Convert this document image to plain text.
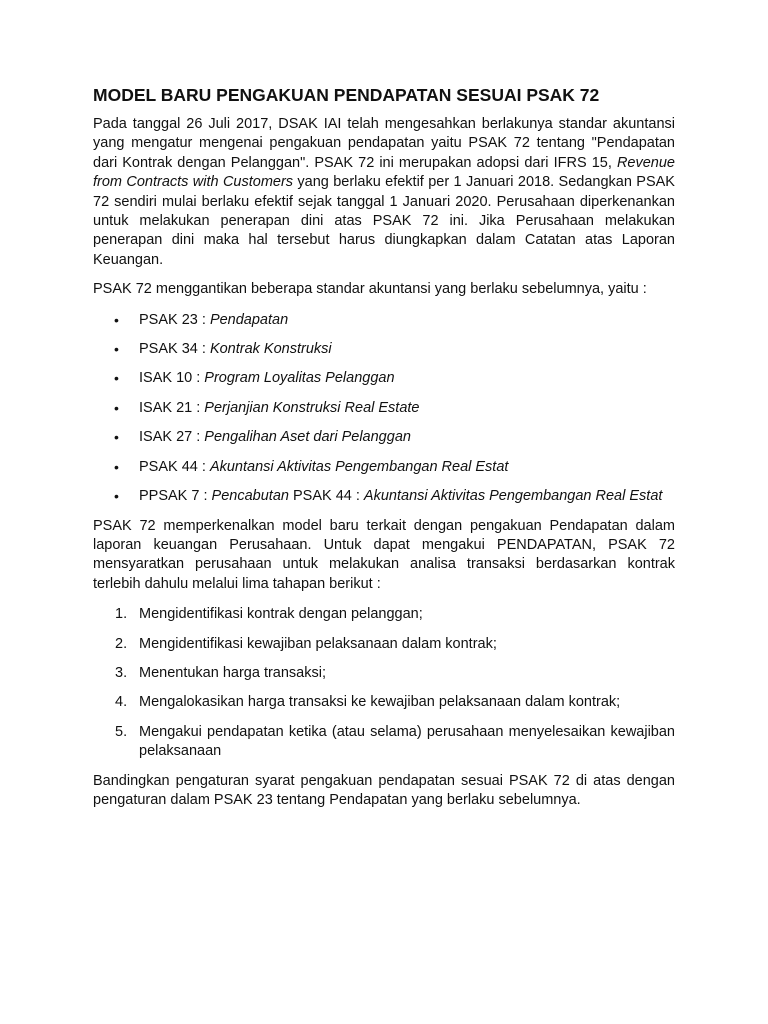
MODEL BARU PENGAKUAN PENDAPATAN SESUAI PSAK 72

Pada tanggal 26 Juli 2017, DSAK IAI telah mengesahkan berlakunya standar akuntansi yang mengatur mengenai pengakuan pendapatan yaitu PSAK 72 tentang "Pendapatan dari Kontrak dengan Pelanggan". PSAK 72 ini merupakan adopsi dari IFRS 15, Revenue from Contracts with Customers yang berlaku efektif per 1 Januari 2018. Sedangkan PSAK 72 sendiri mulai berlaku efektif sejak tanggal 1 Januari 2020. Perusahaan diperkenankan untuk melakukan penerapan dini atas PSAK 72 ini. Jika Perusahaan melakukan penerapan dini maka hal tersebut harus diungkapkan dalam Catatan atas Laporan Keuangan.

PSAK 72 menggantikan beberapa standar akuntansi yang berlaku sebelumnya, yaitu :

• PSAK 23 : Pendapatan
• PSAK 34 : Kontrak Konstruksi
• ISAK 10 : Program Loyalitas Pelanggan
• ISAK 21 : Perjanjian Konstruksi Real Estate
• ISAK 27 : Pengalihan Aset dari Pelanggan
• PSAK 44 : Akuntansi Aktivitas Pengembangan Real Estat
• PPSAK 7 : Pencabutan PSAK 44 : Akuntansi Aktivitas Pengembangan Real Estat

PSAK 72 memperkenalkan model baru terkait dengan pengakuan Pendapatan dalam laporan keuangan Perusahaan. Untuk dapat mengakui PENDAPATAN, PSAK 72 mensyaratkan perusahaan untuk melakukan analisa transaksi berdasarkan kontrak terlebih dahulu melalui lima tahapan berikut :

1. Mengidentifikasi kontrak dengan pelanggan;
2. Mengidentifikasi kewajiban pelaksanaan dalam kontrak;
3. Menentukan harga transaksi;
4. Mengalokasikan harga transaksi ke kewajiban pelaksanaan dalam kontrak;
5. Mengakui pendapatan ketika (atau selama) perusahaan menyelesaikan kewajiban pelaksanaan

Bandingkan pengaturan syarat pengakuan pendapatan sesuai PSAK 72 di atas dengan pengaturan dalam PSAK 23 tentang Pendapatan yang berlaku sebelumnya.
